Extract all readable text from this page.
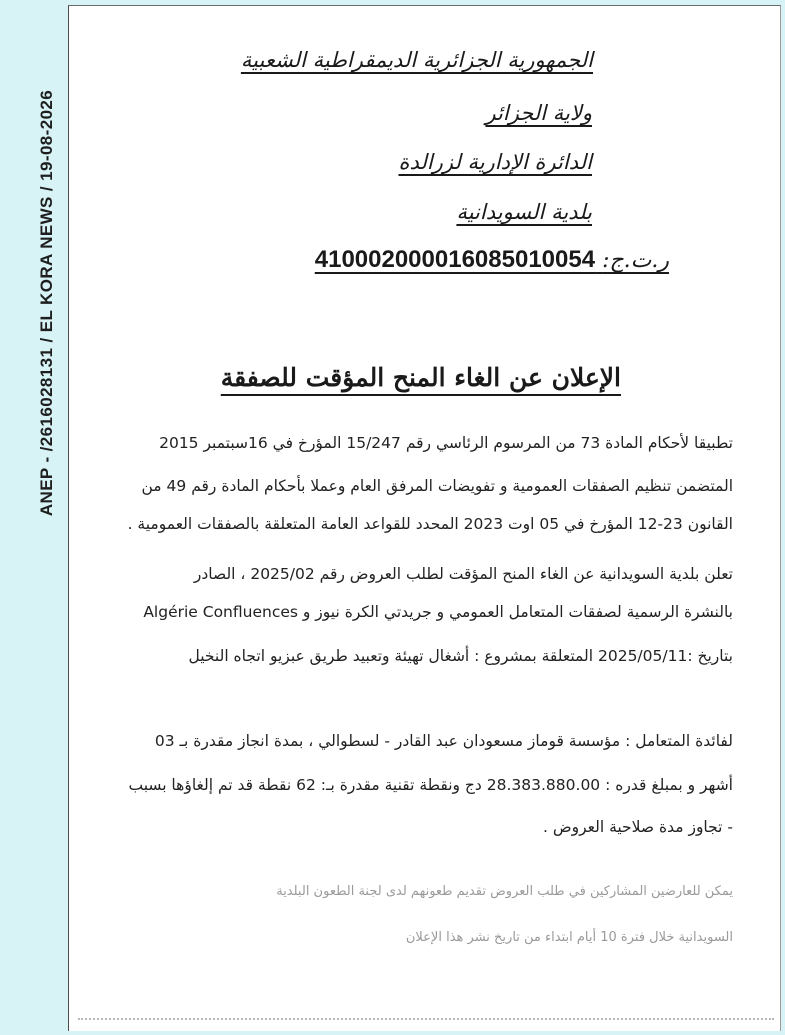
ANEP - /2616028131 / EL KORA NEWS / 19-08-2026
الجمهورية الجزائرية الديمقراطية الشعبية
ولاية الجزائر
الدائرة الإدارية لزرالدة
بلدية السويدانية
ر.ت.ج: 410002000016085010054
الإعلان عن الغاء المنح المؤقت للصفقة
تطبيقا لأحكام المادة 73 من المرسوم الرئاسي رقم 15/247 المؤرخ في 16سبتمبر 2015
المتضمن تنظيم الصفقات العمومية و تفويضات المرفق العام وعملا بأحكام المادة رقم 49 من
القانون 23-12 المؤرخ في 05 اوت 2023 المحدد للقواعد العامة المتعلقة بالصفقات العمومية .
تعلن بلدية السويدانية عن الغاء المنح المؤقت لطلب العروض رقم 2025/02 ، الصادر
بالنشرة الرسمية لصفقات المتعامل العمومي و جريدتي الكرة نيوز و Algérie Confluences
بتاريخ :2025/05/11 المتعلقة بمشروع : أشغال تهيئة وتعبيد طريق عبزيو اتجاه النخيل
لفائدة المتعامل : مؤسسة قوماز مسعودان عبد القادر - لسطوالي ، بمدة انجاز مقدرة بـ 03
أشهر و بمبلغ قدره : 28.383.880.00 دج ونقطة تقنية مقدرة بـ: 62 نقطة قد تم إلغاؤها بسبب
- تجاوز مدة صلاحية العروض .
يمكن للعارضين المشاركين في طلب العروض تقديم طعونهم لدى لجنة الطعون البلدية
السويدانية خلال فترة 10 أيام ابتداء من تاريخ نشر هذا الإعلان
